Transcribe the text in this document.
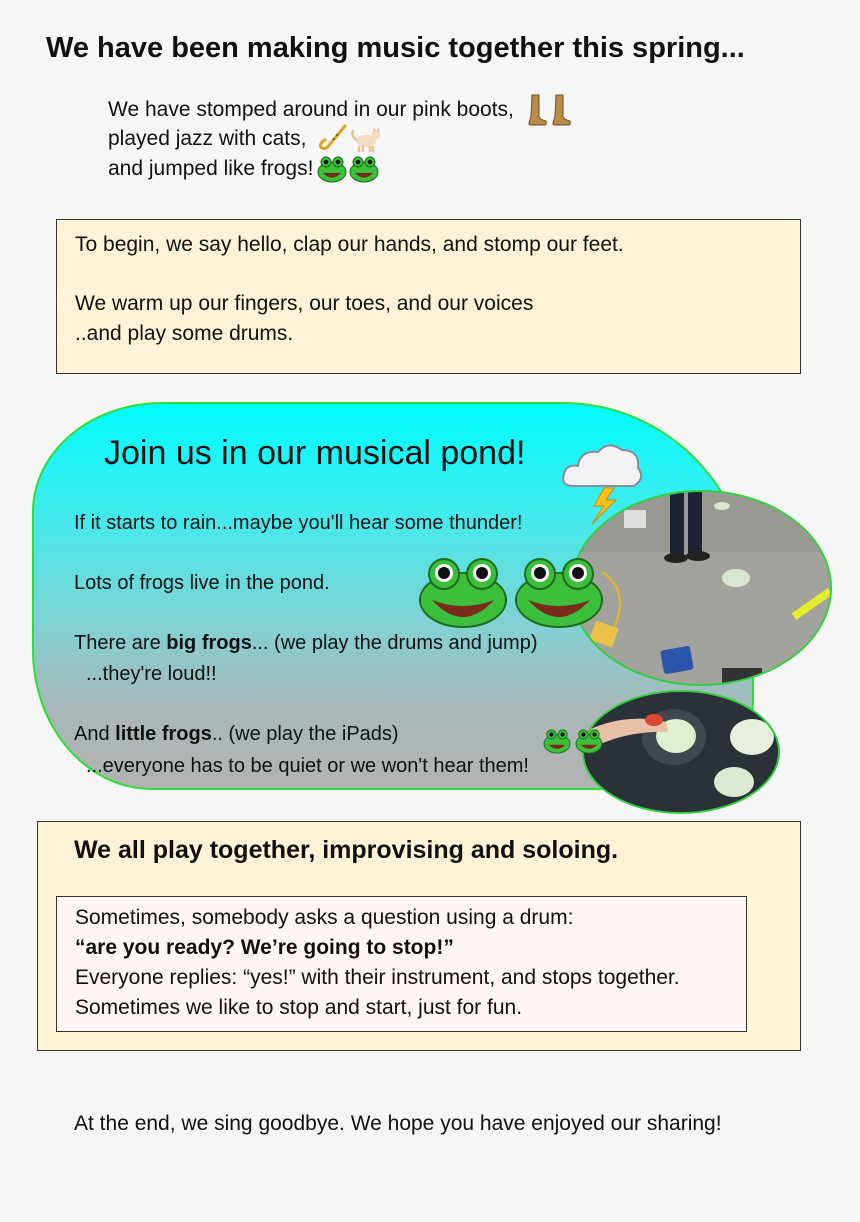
We have been making music together this spring...
We have stomped around in our pink boots,
played jazz with cats,
and jumped like frogs!

To begin, we say hello, clap our hands, and stomp our feet.

We warm up our fingers, our toes, and our voices

..and play some drums.

Join us in our musical pond!
If it starts to rain...maybe you'll hear some thunder!
Lots of frogs live in the pond.
There are big frogs... (we play the drums and jump)
...they're loud!!
And little frogs.. (we play the iPads)
...everyone has to be quiet or we won't hear them!
We all play together, improvising and soloing.

Sometimes, somebody asks a question using a drum:

“are you ready? We’re going to stop!”

Everyone replies: “yes!” with their instrument, and stops together.

Sometimes we like to stop and start, just for fun.

At the end, we sing goodbye. We hope you have enjoyed our sharing!
